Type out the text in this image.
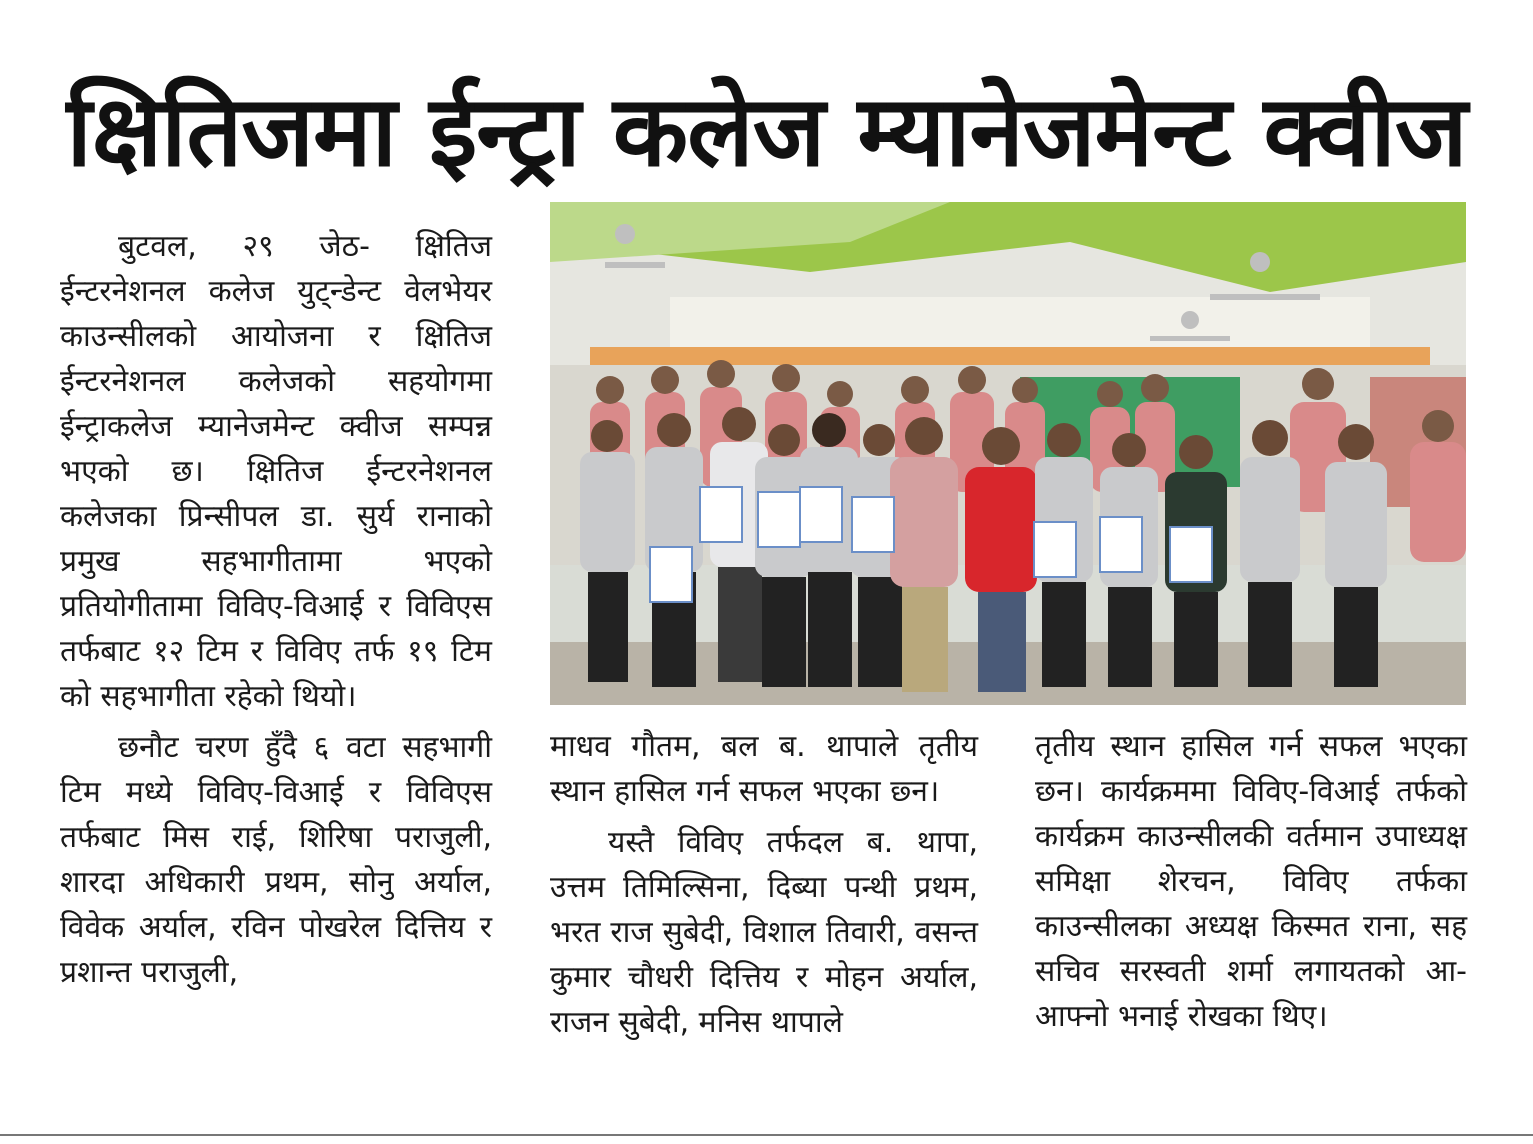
क्षितिजमा ईन्ट्रा कलेज म्यानेजमेन्ट क्वीज

बुटवल, २९ जेठ- क्षितिज ईन्टरनेशनल कलेज युट्न्डेन्ट वेलभेयर काउन्सीलको आयोजना र क्षितिज ईन्टरनेशनल कलेजको सहयोगमा ईन्ट्राकलेज म्यानेजमेन्ट क्वीज सम्पन्न भएको छ। क्षितिज ईन्टरनेशनल कलेजका प्रिन्सीपल डा. सुर्य रानाको प्रमुख सहभागीतामा भएको प्रतियोगीतामा विविए-विआई र विविएस तर्फबाट १२ टिम र विविए तर्फ १९ टिम को सहभागीता रहेको थियो।

छनौट चरण हुँदै ६ वटा सहभागी टिम मध्ये विविए-विआई र विविएस तर्फबाट मिस राई, शिरिषा पराजुली, शारदा अधिकारी प्रथम, सोनु अर्याल, विवेक अर्याल, रविन पोखरेल दित्तिय र प्रशान्त पराजुली,

माधव गौतम, बल ब. थापाले तृतीय स्थान हासिल गर्न सफल भएका छ्न।

यस्तै विविए तर्फदल ब. थापा, उत्तम तिमिल्सिना, दिब्या पन्थी प्रथम, भरत राज सुबेदी, विशाल तिवारी, वसन्त कुमार चौधरी दित्तिय र मोहन अर्याल, राजन सुबेदी, मनिस थापाले

तृतीय स्थान हासिल गर्न सफल भएका छन। कार्यक्रममा विविए-विआई तर्फको कार्यक्रम काउन्सीलकी वर्तमान उपाध्यक्ष समिक्षा शेरचन, विविए तर्फका काउन्सीलका अध्यक्ष किस्मत राना, सह सचिव सरस्वती शर्मा लगायतको आ-आफ्नो भनाई रोखका थिए।
